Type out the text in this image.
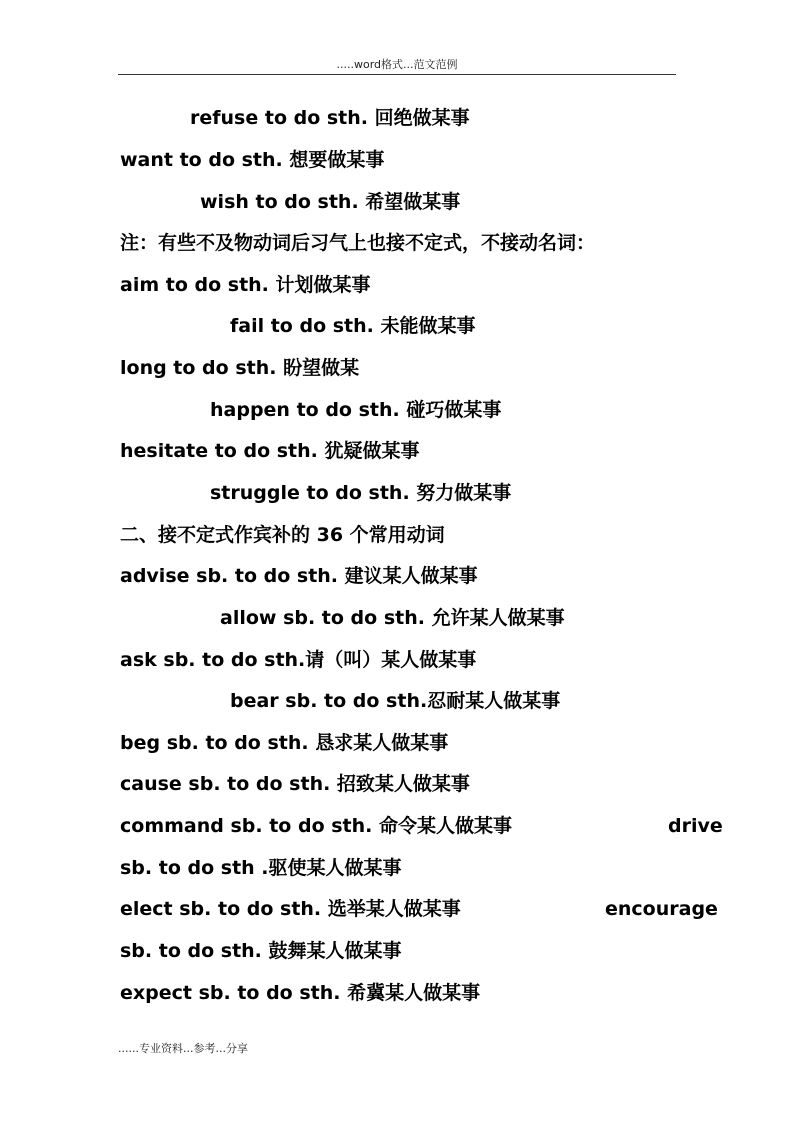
.....word格式...范文范例
refuse to do sth. 回绝做某事
want to do sth. 想要做某事
wish to do sth. 希望做某事
注：有些不及物动词后习气上也接不定式，不接动名词：
aim to do sth. 计划做某事
fail to do sth. 未能做某事
long to do sth. 盼望做某
happen to do sth. 碰巧做某事
hesitate to do sth. 犹疑做某事
struggle to do sth. 努力做某事
二、接不定式作宾补的 36 个常用动词
advise sb. to do sth. 建议某人做某事
allow sb. to do sth. 允许某人做某事
ask sb. to do sth.请（叫）某人做某事
bear sb. to do sth.忍耐某人做某事
beg sb. to do sth. 恳求某人做某事
cause sb. to do sth. 招致某人做某事
command sb. to do sth. 命令某人做某事	drive
sb. to do sth .驱使某人做某事
elect sb. to do sth. 选举某人做某事	encourage
sb. to do sth. 鼓舞某人做某事
expect sb. to do sth. 希冀某人做某事
......专业资料...参考...分享
